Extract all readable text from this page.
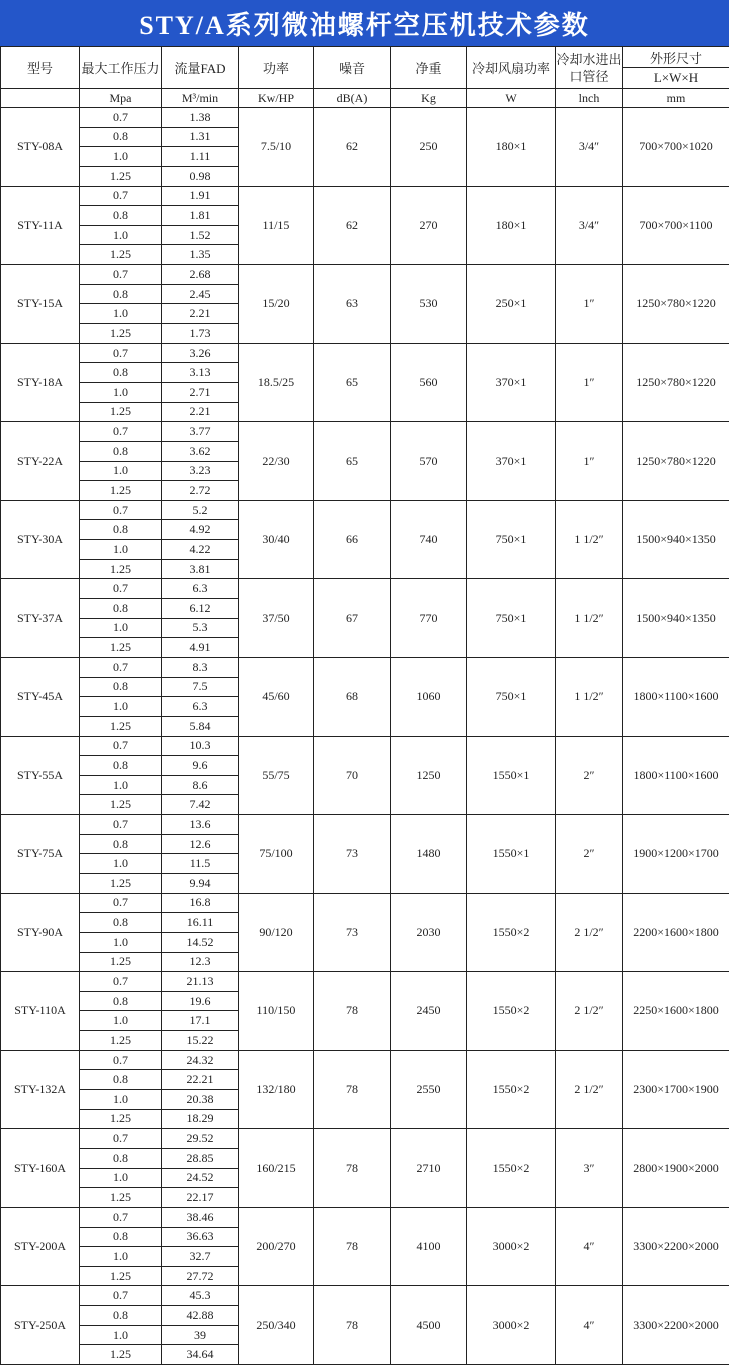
STY/A系列微油螺杆空压机技术参数
型号	最大工作压力	流量FAD	功率	噪音	净重	冷却风扇功率	冷却水进出口管径	外形尺寸
								L×W×H
	Mpa	M³/min	Kw/HP	dB(A)	Kg	W	lnch	mm
STY-08A	0.7	1.38	7.5/10	62	250	180×1	3/4″	700×700×1020
	0.8	1.31						
	1.0	1.11						
	1.25	0.98						
STY-11A	0.7	1.91	11/15	62	270	180×1	3/4″	700×700×1100
	0.8	1.81						
	1.0	1.52						
	1.25	1.35						
STY-15A	0.7	2.68	15/20	63	530	250×1	1″	1250×780×1220
	0.8	2.45						
	1.0	2.21						
	1.25	1.73						
STY-18A	0.7	3.26	18.5/25	65	560	370×1	1″	1250×780×1220
	0.8	3.13						
	1.0	2.71						
	1.25	2.21						
STY-22A	0.7	3.77	22/30	65	570	370×1	1″	1250×780×1220
	0.8	3.62						
	1.0	3.23						
	1.25	2.72						
STY-30A	0.7	5.2	30/40	66	740	750×1	1 1/2″	1500×940×1350
	0.8	4.92						
	1.0	4.22						
	1.25	3.81						
STY-37A	0.7	6.3	37/50	67	770	750×1	1 1/2″	1500×940×1350
	0.8	6.12						
	1.0	5.3						
	1.25	4.91						
STY-45A	0.7	8.3	45/60	68	1060	750×1	1 1/2″	1800×1100×1600
	0.8	7.5						
	1.0	6.3						
	1.25	5.84						
STY-55A	0.7	10.3	55/75	70	1250	1550×1	2″	1800×1100×1600
	0.8	9.6						
	1.0	8.6						
	1.25	7.42						
STY-75A	0.7	13.6	75/100	73	1480	1550×1	2″	1900×1200×1700
	0.8	12.6						
	1.0	11.5						
	1.25	9.94						
STY-90A	0.7	16.8	90/120	73	2030	1550×2	2 1/2″	2200×1600×1800
	0.8	16.11						
	1.0	14.52						
	1.25	12.3						
STY-110A	0.7	21.13	110/150	78	2450	1550×2	2 1/2″	2250×1600×1800
	0.8	19.6						
	1.0	17.1						
	1.25	15.22						
STY-132A	0.7	24.32	132/180	78	2550	1550×2	2 1/2″	2300×1700×1900
	0.8	22.21						
	1.0	20.38						
	1.25	18.29						
STY-160A	0.7	29.52	160/215	78	2710	1550×2	3″	2800×1900×2000
	0.8	28.85						
	1.0	24.52						
	1.25	22.17						
STY-200A	0.7	38.46	200/270	78	4100	3000×2	4″	3300×2200×2000
	0.8	36.63						
	1.0	32.7						
	1.25	27.72						
STY-250A	0.7	45.3	250/340	78	4500	3000×2	4″	3300×2200×2000
	0.8	42.88						
	1.0	39						
	1.25	34.64						
